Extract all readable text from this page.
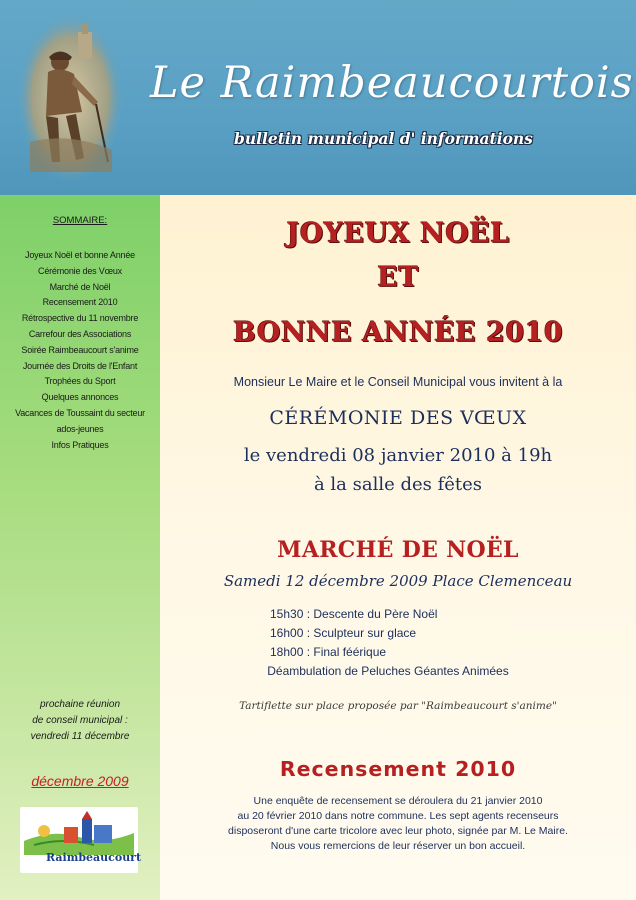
Le Raimbeaucourtois
bulletin municipal d' informations
SOMMAIRE:
Joyeux Noël et bonne Année
Cérémonie des Vœux
Marché de Noël
Recensement 2010
Rétrospective du 11 novembre
Carrefour des Associations
Soirée Raimbeaucourt s'anime
Journée des Droits de l'Enfant
Trophées du Sport
Quelques annonces
Vacances de Toussaint du secteur
ados-jeunes
Infos Pratiques
prochaine réunion
de conseil municipal :
vendredi 11 décembre
décembre 2009
Raimbeaucourt
JOYEUX NOËL
ET
BONNE ANNÉE 2010
Monsieur Le Maire et le Conseil Municipal vous invitent à la
CÉRÉMONIE DES VŒUX
le vendredi 08 janvier 2010 à 19h
à la salle des fêtes
MARCHÉ DE NOËL
Samedi 12 décembre 2009 Place Clemenceau
15h30 : Descente du Père Noël
16h00 : Sculpteur sur glace
18h00 : Final féérique
Déambulation de Peluches Géantes Animées
Tartiflette sur place proposée par "Raimbeaucourt s'anime"
Recensement 2010
Une enquête de recensement se déroulera du 21 janvier 2010
au 20 février 2010 dans notre commune. Les sept agents recenseurs
disposeront d'une carte tricolore avec leur photo, signée par M. Le Maire.
Nous vous remercions de leur réserver un bon accueil.
